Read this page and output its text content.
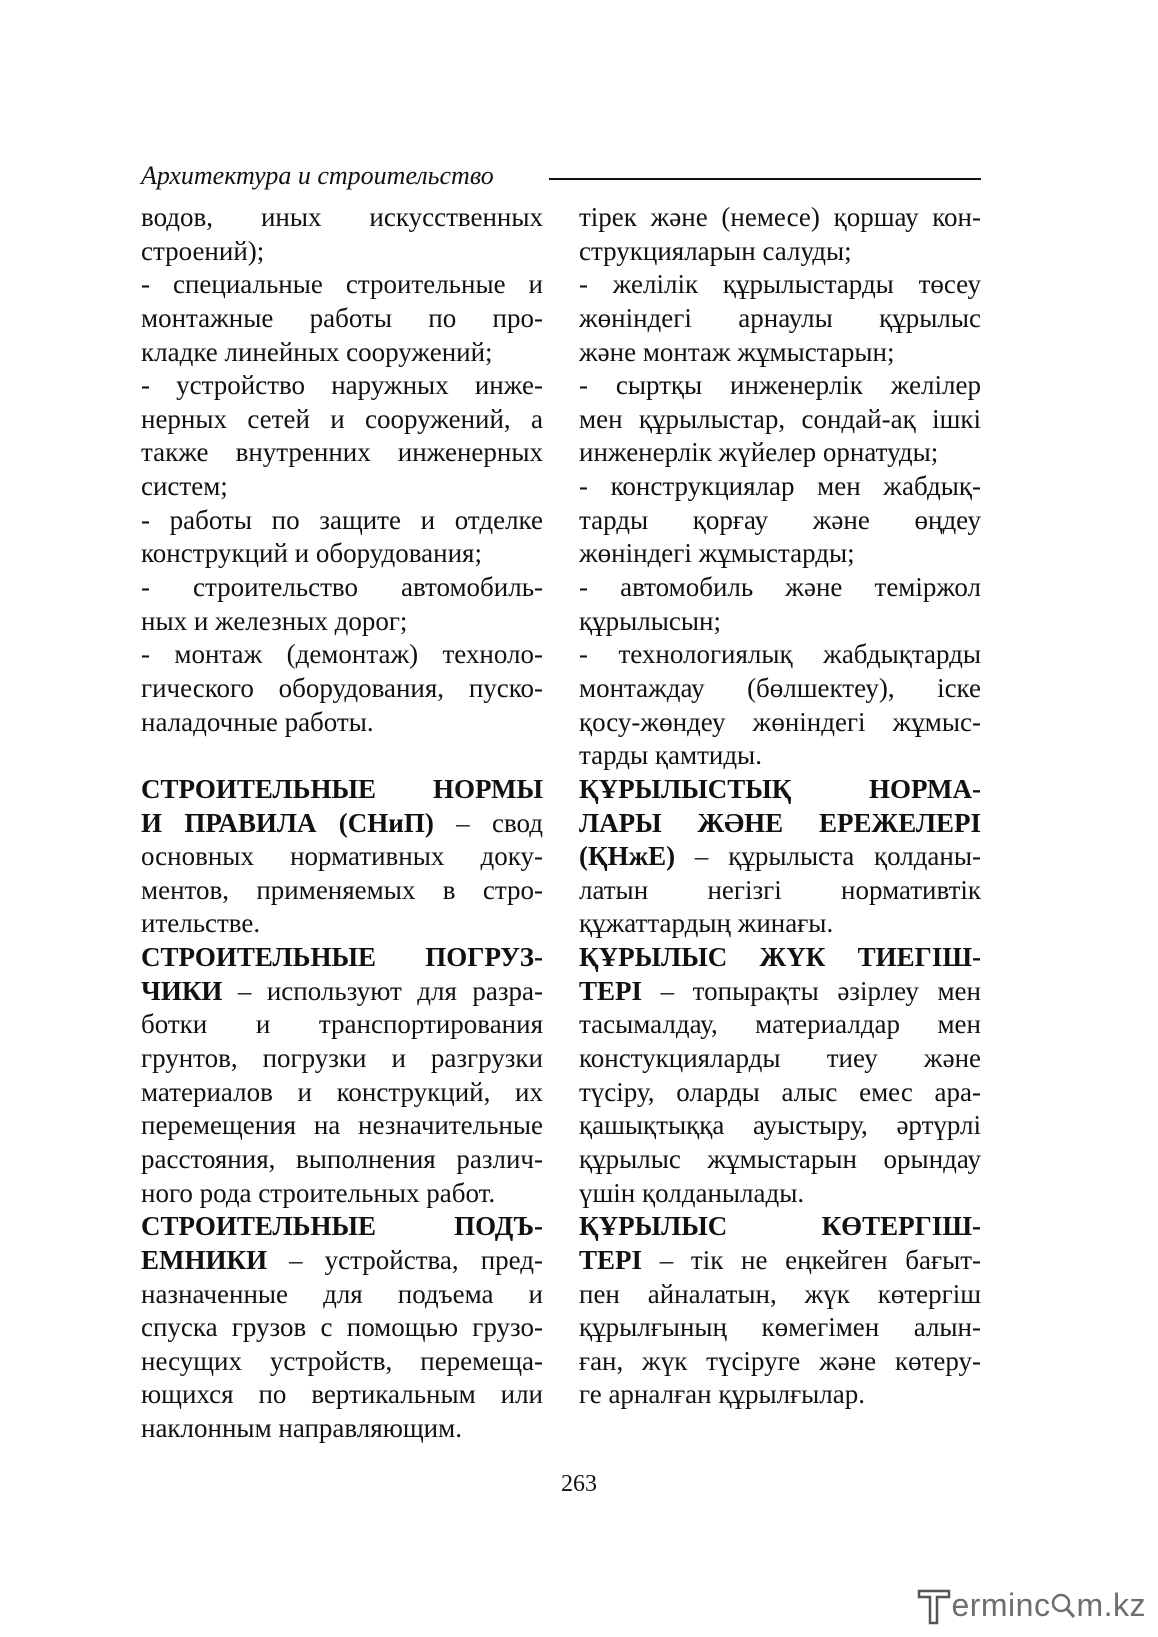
Архитектура и строительство
водов, иных искусственных
строений);
- специальные строительные и
монтажные работы по про-
кладке линейных сооружений;
- устройство наружных инже-
нерных сетей и сооружений, а
также внутренних инженерных
систем;
- работы по защите и отделке
конструкций и оборудования;
- строительство автомобиль-
ных и железных дорог;
- монтаж (демонтаж) техноло-
гического оборудования, пуско-
наладочные работы.
СТРОИТЕЛЬНЫЕ НОРМЫ
И ПРАВИЛА (СНиП) – свод
основных нормативных доку-
ментов, применяемых в стро-
ительстве.
СТРОИТЕЛЬНЫЕ ПОГРУЗ-
ЧИКИ – используют для разра-
ботки и транспортирования
грунтов, погрузки и разгрузки
материалов и конструкций, их
перемещения на незначительные
расстояния, выполнения различ-
ного рода строительных работ.
СТРОИТЕЛЬНЫЕ ПОДЪ-
ЕМНИКИ – устройства, пред-
назначенные для подъема и
спуска грузов с помощью грузо-
несущих устройств, перемеща-
ющихся по вертикальным или
наклонным направляющим.
тірек және (немесе) қоршау кон-
струкцияларын салуды;
- желілік құрылыстарды төсеу
жөніндегі арнаулы құрылыс
және монтаж жұмыстарын;
- сыртқы инженерлік желілер
мен құрылыстар, сондай-ақ ішкі
инженерлік жүйелер орнатуды;
- конструкциялар мен жабдық-
тарды қорғау және өңдеу
жөніндегі жұмыстарды;
- автомобиль және теміржол
құрылысын;
- технологиялық жабдықтарды
монтаждау (бөлшектеу), іске
қосу-жөндеу жөніндегі жұмыс-
тарды қамтиды.
ҚҰРЫЛЫСТЫҚ НОРМА-
ЛАРЫ ЖӘНЕ ЕРЕЖЕЛЕРІ
(ҚНжЕ) – құрылыста қолданы-
латын негізгі нормативтік
құжаттардың жинағы.
ҚҰРЫЛЫС ЖҮК ТИЕГІШ-
ТЕРІ – топырақты әзірлеу мен
тасымалдау, материалдар мен
констукцияларды тиеу және
түсіру, оларды алыс емес ара-
қашықтыққа ауыстыру, әртүрлі
құрылыс жұмыстарын орындау
үшін қолданылады.
ҚҰРЫЛЫС КӨТЕРГІШ-
ТЕРІ – тік не еңкейген бағыт-
пен айналатын, жүк көтергіш
құрылғының көмегімен алын-
ған, жүк түсіруге және көтеру-
ге арналған құрылғылар.
263
erminc m.kz
